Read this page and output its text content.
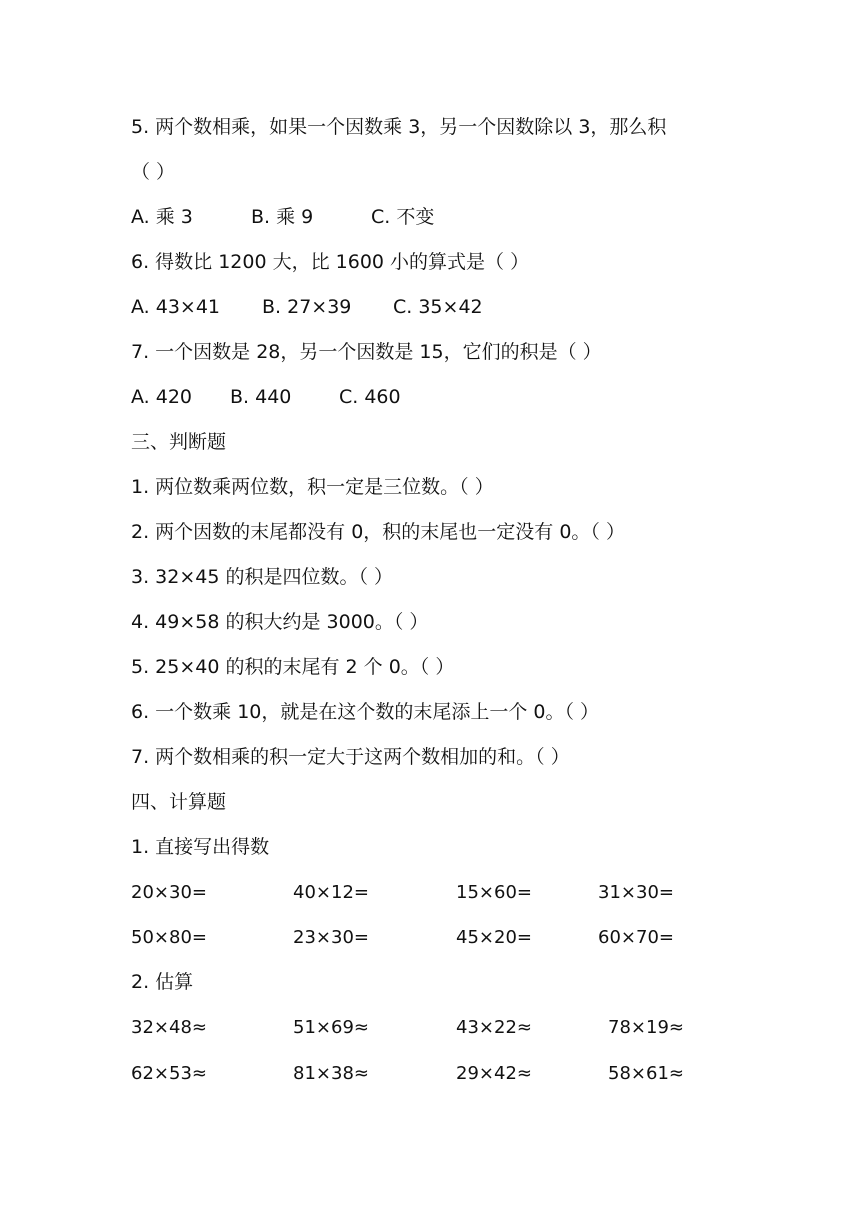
5. 两个数相乘，如果一个因数乘 3，另一个因数除以 3，那么积
（ ）
A. 乘 3	B. 乘 9	C. 不变
6. 得数比 1200 大，比 1600 小的算式是（ ）
A. 43×41 B. 27×39 C. 35×42
7. 一个因数是 28，另一个因数是 15，它们的积是（ ）
A. 420 B. 440	C. 460
三、判断题
1. 两位数乘两位数，积一定是三位数。（ ）
2. 两个因数的末尾都没有 0，积的末尾也一定没有 0。（ ）
3. 32×45 的积是四位数。（ ）
4. 49×58 的积大约是 3000。（ ）
5. 25×40 的积的末尾有 2 个 0。（ ）
6. 一个数乘 10，就是在这个数的末尾添上一个 0。（ ）
7. 两个数相乘的积一定大于这两个数相加的和。（ ）
四、计算题
1. 直接写出得数
20×30=	40×12=	15×60=	31×30=
50×80=	23×30=	45×20=	60×70=
2. 估算
32×48≈	51×69≈	43×22≈	78×19≈
62×53≈	81×38≈	29×42≈	58×61≈
